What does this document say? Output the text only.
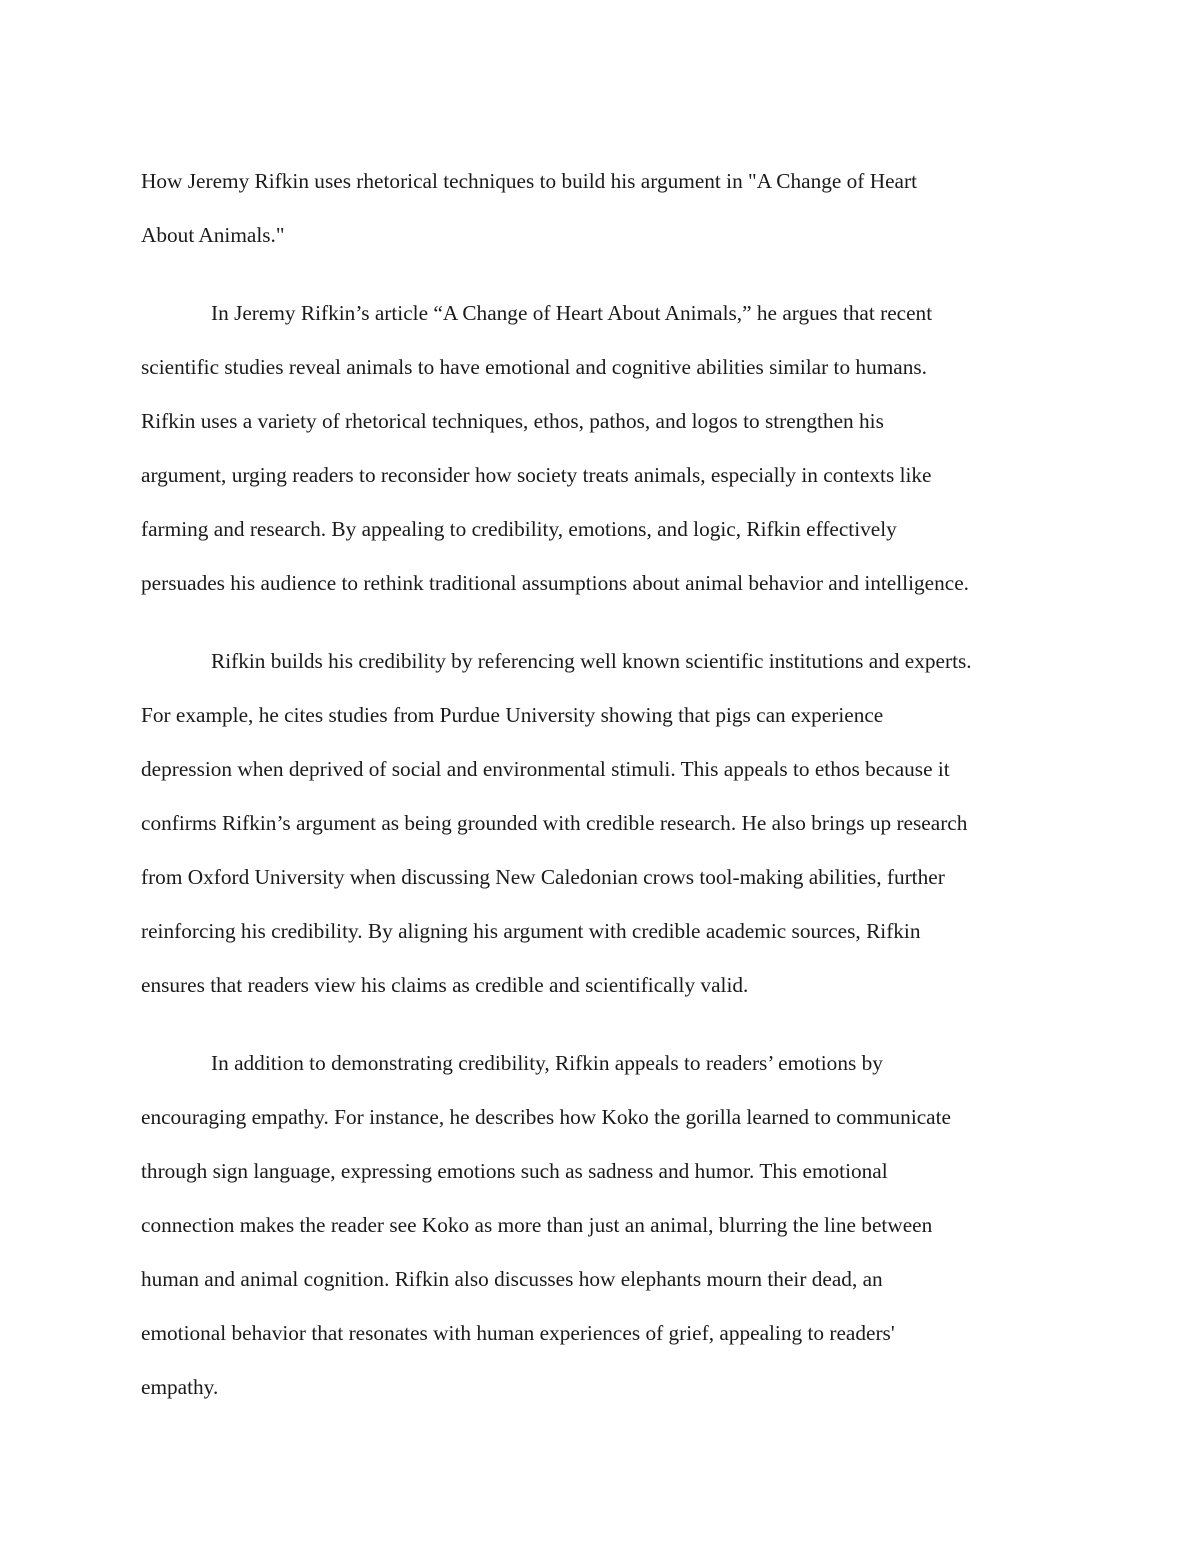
How Jeremy Rifkin uses rhetorical techniques to build his argument in "A Change of Heart

About Animals."

In Jeremy Rifkin’s article “A Change of Heart About Animals,” he argues that recent

scientific studies reveal animals to have emotional and cognitive abilities similar to humans.

Rifkin uses a variety of rhetorical techniques, ethos, pathos, and logos to strengthen his

argument, urging readers to reconsider how society treats animals, especially in contexts like

farming and research. By appealing to credibility, emotions, and logic, Rifkin effectively

persuades his audience to rethink traditional assumptions about animal behavior and intelligence.

Rifkin builds his credibility by referencing well known scientific institutions and experts.

For example, he cites studies from Purdue University showing that pigs can experience

depression when deprived of social and environmental stimuli. This appeals to ethos because it

confirms Rifkin’s argument as being grounded with credible research. He also brings up research

from Oxford University when discussing New Caledonian crows tool-making abilities, further

reinforcing his credibility. By aligning his argument with credible academic sources, Rifkin

ensures that readers view his claims as credible and scientifically valid.

In addition to demonstrating credibility, Rifkin appeals to readers’ emotions by

encouraging empathy. For instance, he describes how Koko the gorilla learned to communicate

through sign language, expressing emotions such as sadness and humor. This emotional

connection makes the reader see Koko as more than just an animal, blurring the line between

human and animal cognition. Rifkin also discusses how elephants mourn their dead, an

emotional behavior that resonates with human experiences of grief, appealing to readers'

empathy.
